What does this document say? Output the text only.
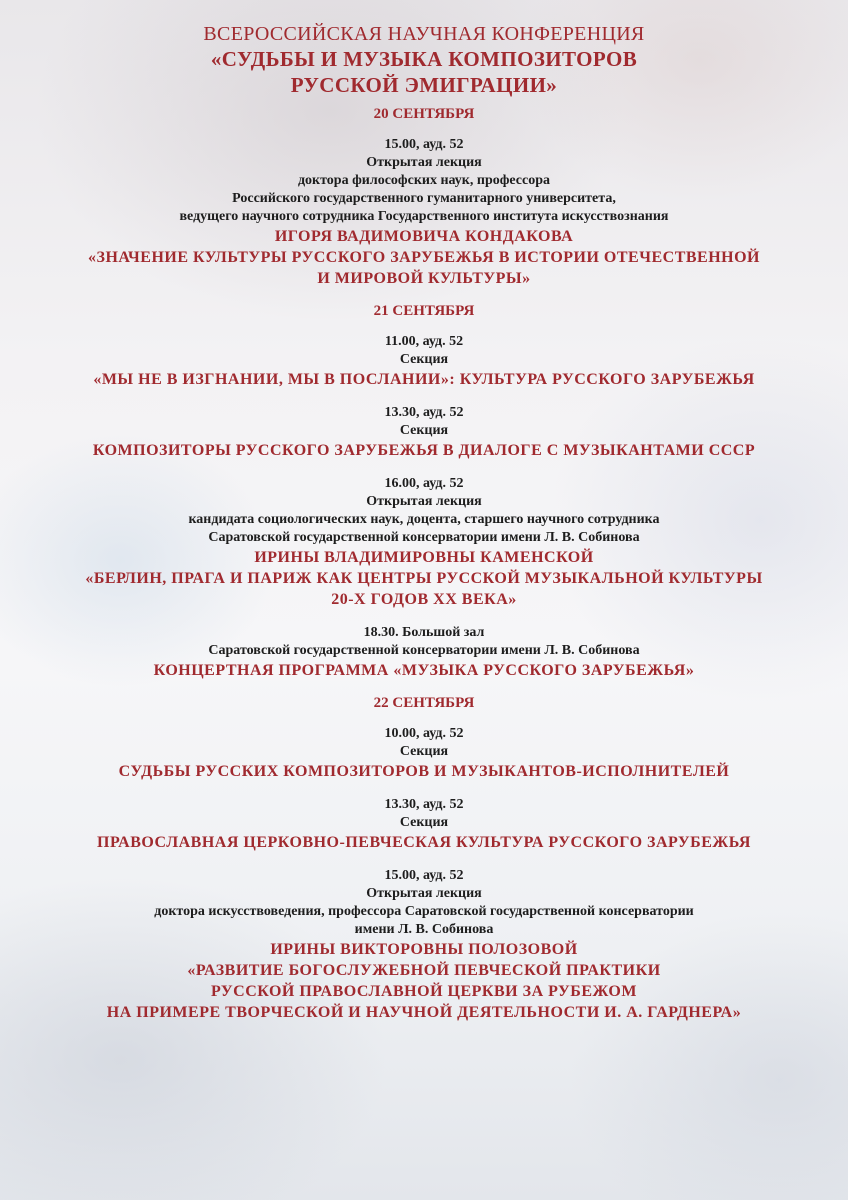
ВСЕРОССИЙСКАЯ НАУЧНАЯ КОНФЕРЕНЦИЯ
«СУДЬБЫ И МУЗЫКА КОМПОЗИТОРОВ
РУССКОЙ ЭМИГРАЦИИ»
20 СЕНТЯБРЯ
15.00, ауд. 52
Открытая лекция
доктора философских наук, профессора
Российского государственного гуманитарного университета,
ведущего научного сотрудника Государственного института искусствознания
ИГОРЯ ВАДИМОВИЧА КОНДАКОВА
«ЗНАЧЕНИЕ КУЛЬТУРЫ РУССКОГО ЗАРУБЕЖЬЯ В ИСТОРИИ ОТЕЧЕСТВЕННОЙ
И МИРОВОЙ КУЛЬТУРЫ»
21 СЕНТЯБРЯ
11.00, ауд. 52
Секция
«МЫ НЕ В ИЗГНАНИИ, МЫ В ПОСЛАНИИ»: КУЛЬТУРА РУССКОГО ЗАРУБЕЖЬЯ
13.30, ауд. 52
Секция
КОМПОЗИТОРЫ РУССКОГО ЗАРУБЕЖЬЯ В ДИАЛОГЕ С МУЗЫКАНТАМИ СССР
16.00, ауд. 52
Открытая лекция
кандидата социологических наук, доцента, старшего научного сотрудника
Саратовской государственной консерватории имени Л. В. Собинова
ИРИНЫ ВЛАДИМИРОВНЫ КАМЕНСКОЙ
«БЕРЛИН, ПРАГА И ПАРИЖ КАК ЦЕНТРЫ РУССКОЙ МУЗЫКАЛЬНОЙ КУЛЬТУРЫ
20-Х ГОДОВ XX ВЕКА»
18.30. Большой зал
Саратовской государственной консерватории имени Л. В. Собинова
КОНЦЕРТНАЯ ПРОГРАММА «МУЗЫКА РУССКОГО ЗАРУБЕЖЬЯ»
22 СЕНТЯБРЯ
10.00, ауд. 52
Секция
СУДЬБЫ РУССКИХ КОМПОЗИТОРОВ И МУЗЫКАНТОВ-ИСПОЛНИТЕЛЕЙ
13.30, ауд. 52
Секция
ПРАВОСЛАВНАЯ ЦЕРКОВНО-ПЕВЧЕСКАЯ КУЛЬТУРА РУССКОГО ЗАРУБЕЖЬЯ
15.00, ауд. 52
Открытая лекция
доктора искусствоведения, профессора Саратовской государственной консерватории
имени Л. В. Собинова
ИРИНЫ ВИКТОРОВНЫ ПОЛОЗОВОЙ
«РАЗВИТИЕ БОГОСЛУЖЕБНОЙ ПЕВЧЕСКОЙ ПРАКТИКИ
РУССКОЙ ПРАВОСЛАВНОЙ ЦЕРКВИ ЗА РУБЕЖОМ
НА ПРИМЕРЕ ТВОРЧЕСКОЙ И НАУЧНОЙ ДЕЯТЕЛЬНОСТИ И. А. ГАРДНЕРА»
